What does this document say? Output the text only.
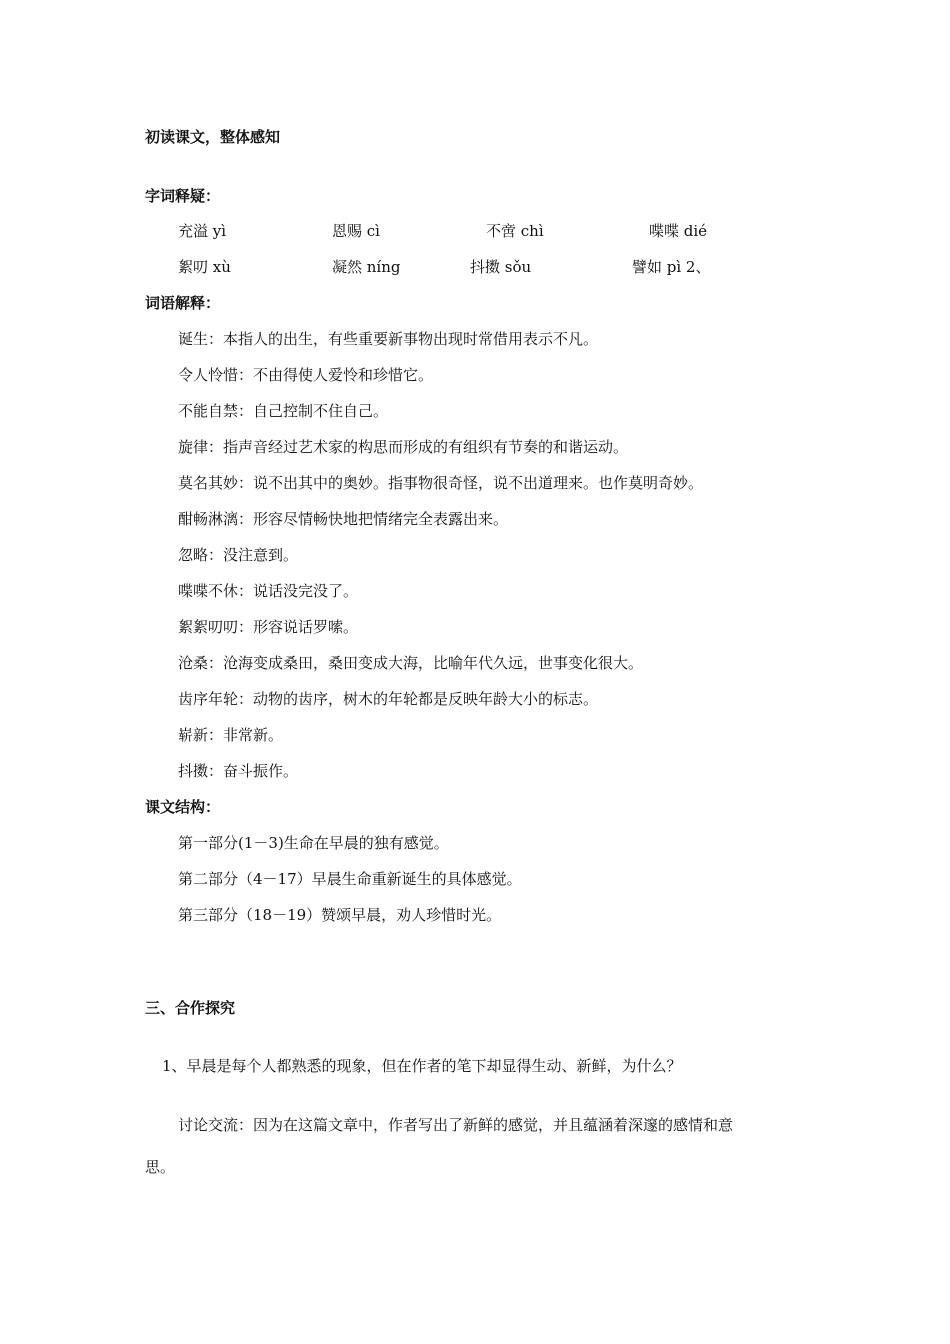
初读课文，整体感知
字词释疑：
充溢 yì	恩赐 cì	不啻 chì	喋喋 dié
絮叨 xù	凝然 níng	抖擞 sǒu	譬如 pì 2、
词语解释：
诞生：本指人的出生，有些重要新事物出现时常借用表示不凡。
令人怜惜：不由得使人爱怜和珍惜它。
不能自禁：自己控制不住自己。
旋律：指声音经过艺术家的构思而形成的有组织有节奏的和谐运动。
莫名其妙：说不出其中的奥妙。指事物很奇怪，说不出道理来。也作莫明奇妙。
酣畅淋漓：形容尽情畅快地把情绪完全表露出来。
忽略：没注意到。
喋喋不休：说话没完没了。
絮絮叨叨：形容说话罗嗦。
沧桑：沧海变成桑田，桑田变成大海，比喻年代久远，世事变化很大。
齿序年轮：动物的齿序，树木的年轮都是反映年龄大小的标志。
崭新：非常新。
抖擞：奋斗振作。
课文结构：
第一部分(1－3)生命在早晨的独有感觉。
第二部分（4－17）早晨生命重新诞生的具体感觉。
第三部分（18－19）赞颂早晨，劝人珍惜时光。
三、合作探究
1、早晨是每个人都熟悉的现象，但在作者的笔下却显得生动、新鲜，为什么？
讨论交流：因为在这篇文章中，作者写出了新鲜的感觉，并且蕴涵着深邃的感情和意
思。
